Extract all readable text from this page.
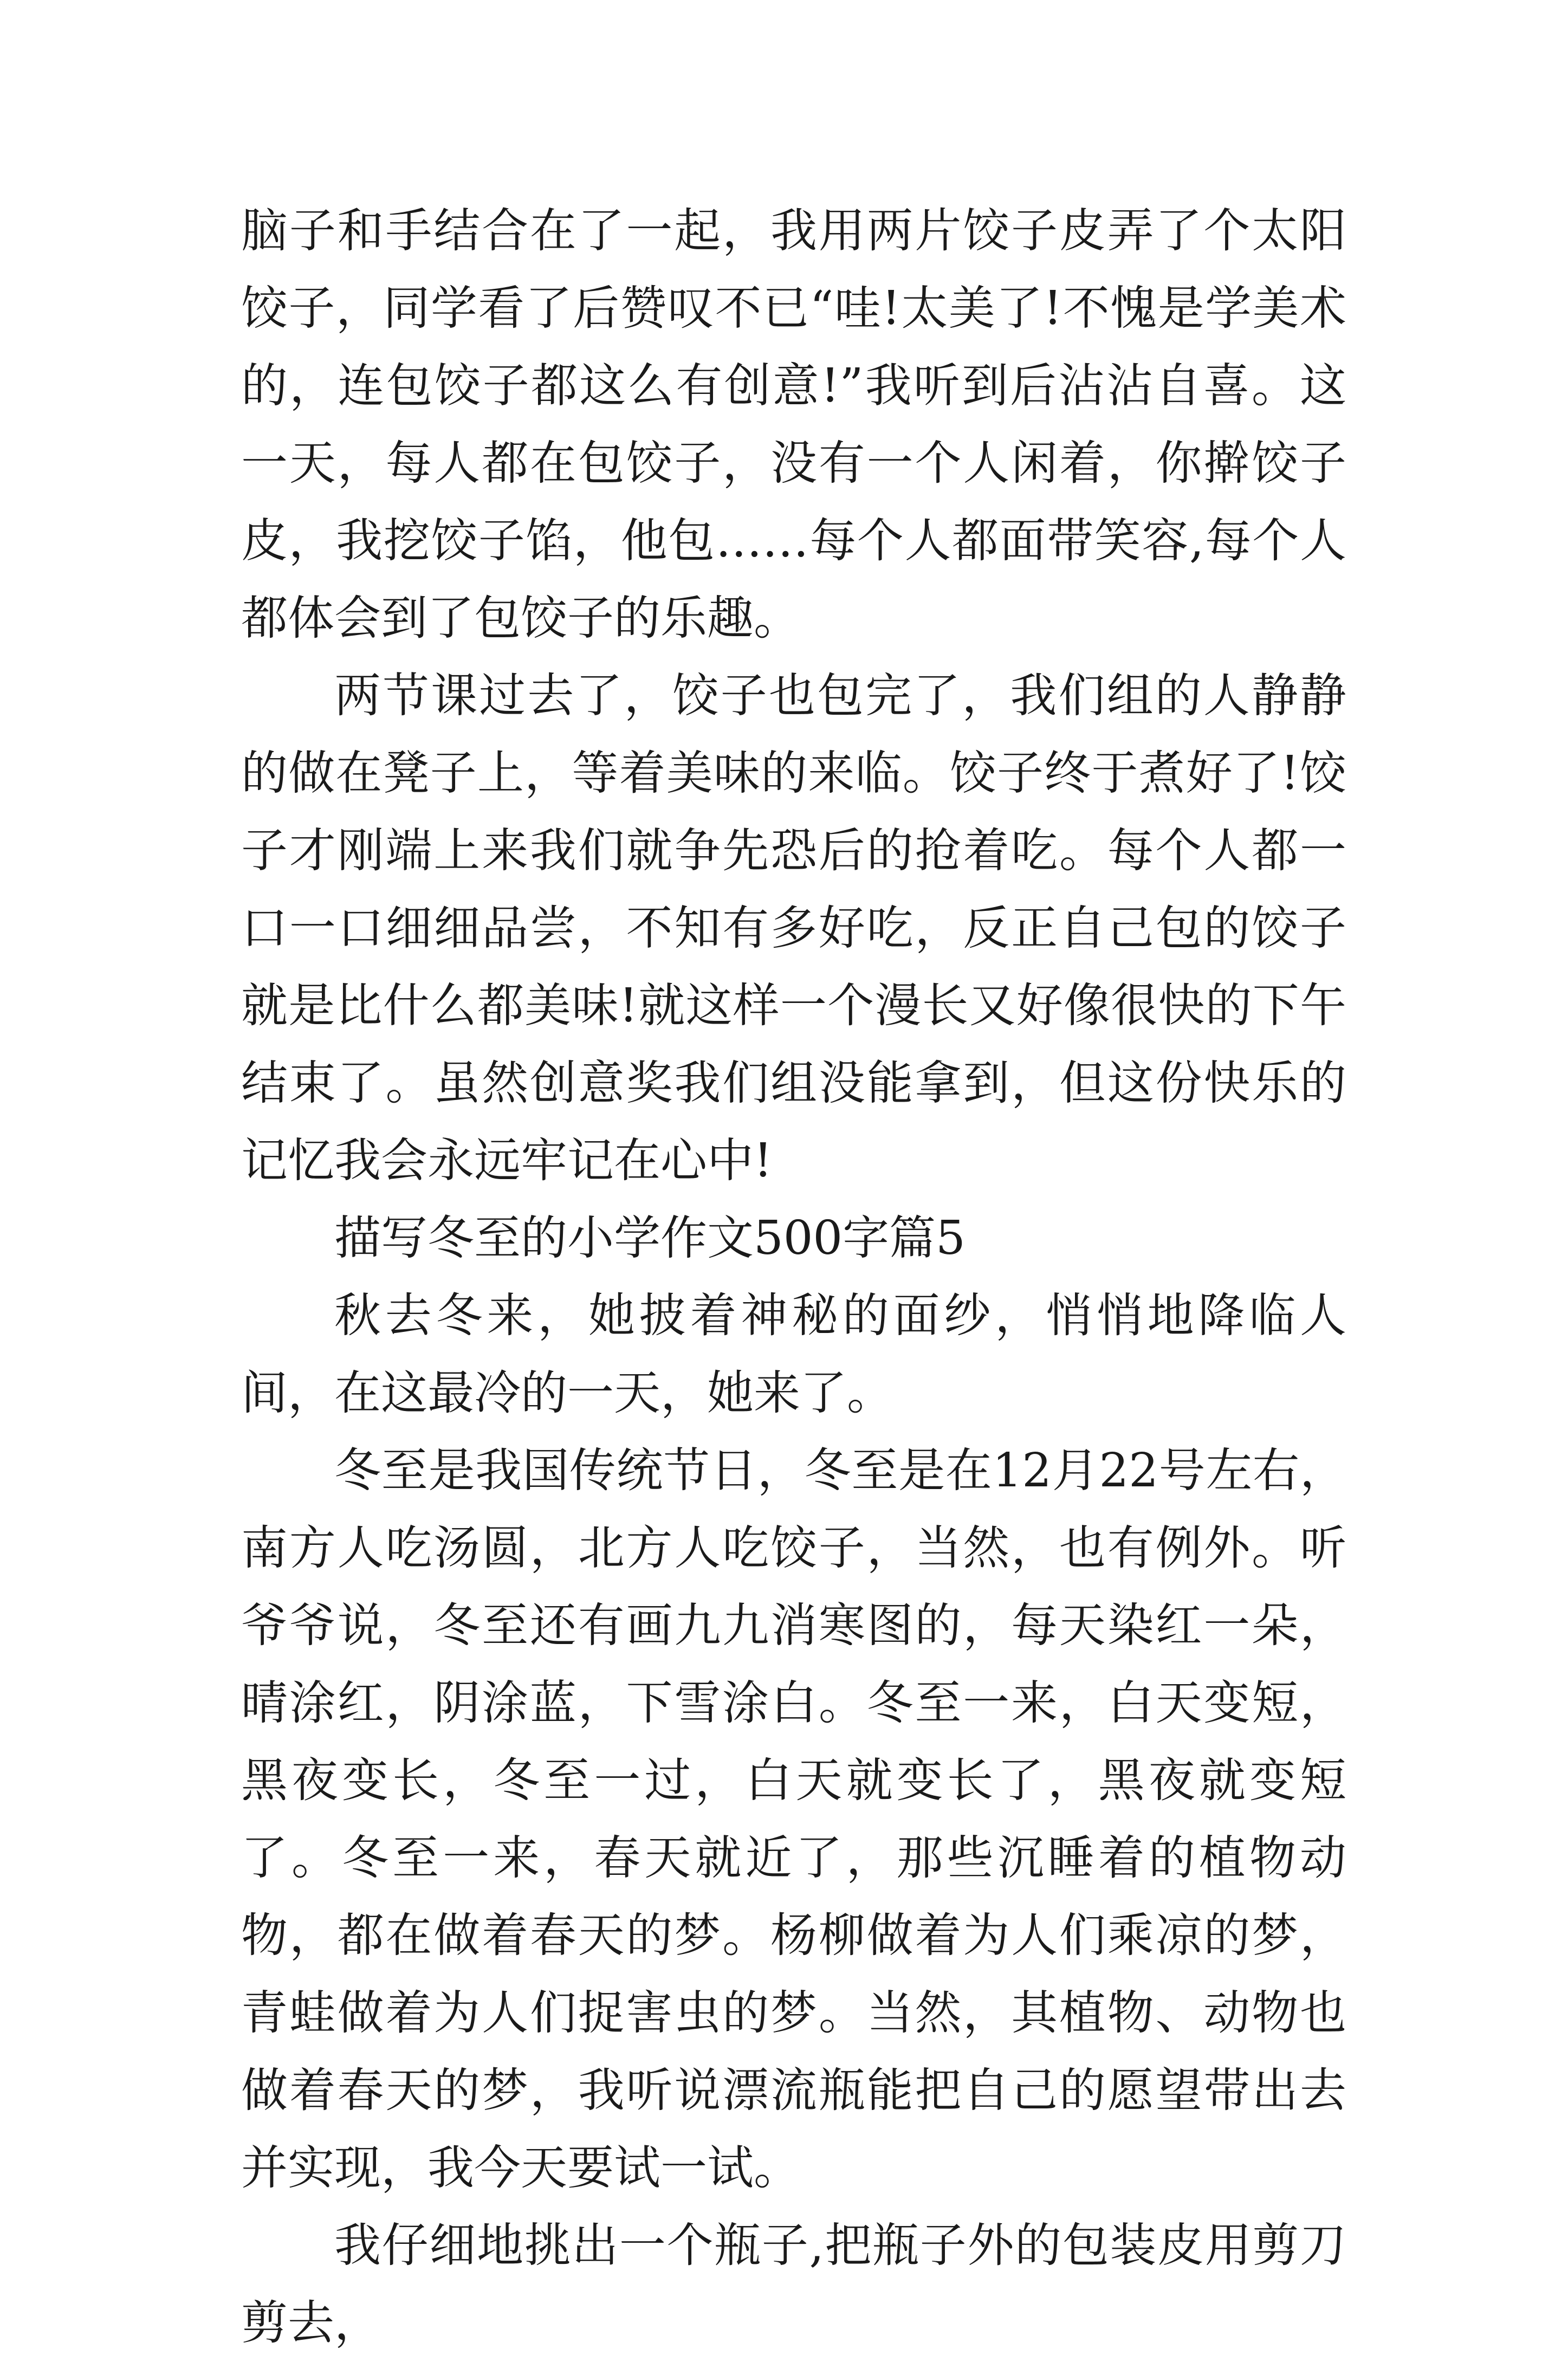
脑子和手结合在了一起，我用两片饺子皮弄了个太阳饺子，同学看了后赞叹不已“哇!太美了!不愧是学美术的，连包饺子都这么有创意!”我听到后沾沾自喜。这一天，每人都在包饺子，没有一个人闲着，你擀饺子皮，我挖饺子馅，他包……每个人都面带笑容,每个人都体会到了包饺子的乐趣。

两节课过去了，饺子也包完了，我们组的人静静的做在凳子上，等着美味的来临。饺子终于煮好了!饺子才刚端上来我们就争先恐后的抢着吃。每个人都一口一口细细品尝，不知有多好吃，反正自己包的饺子就是比什么都美味!就这样一个漫长又好像很快的下午结束了。虽然创意奖我们组没能拿到，但这份快乐的记忆我会永远牢记在心中!

描写冬至的小学作文500字篇5

秋去冬来，她披着神秘的面纱，悄悄地降临人间，在这最冷的一天，她来了。

冬至是我国传统节日，冬至是在12月22号左右，南方人吃汤圆，北方人吃饺子，当然，也有例外。听爷爷说，冬至还有画九九消寒图的，每天染红一朵，晴涂红，阴涂蓝，下雪涂白。冬至一来，白天变短，黑夜变长，冬至一过，白天就变长了，黑夜就变短了。冬至一来，春天就近了，那些沉睡着的植物动物，都在做着春天的梦。杨柳做着为人们乘凉的梦，青蛙做着为人们捉害虫的梦。当然，其植物、动物也做着春天的梦，我听说漂流瓶能把自己的愿望带出去并实现，我今天要试一试。

我仔细地挑出一个瓶子,把瓶子外的包装皮用剪刀剪去，
